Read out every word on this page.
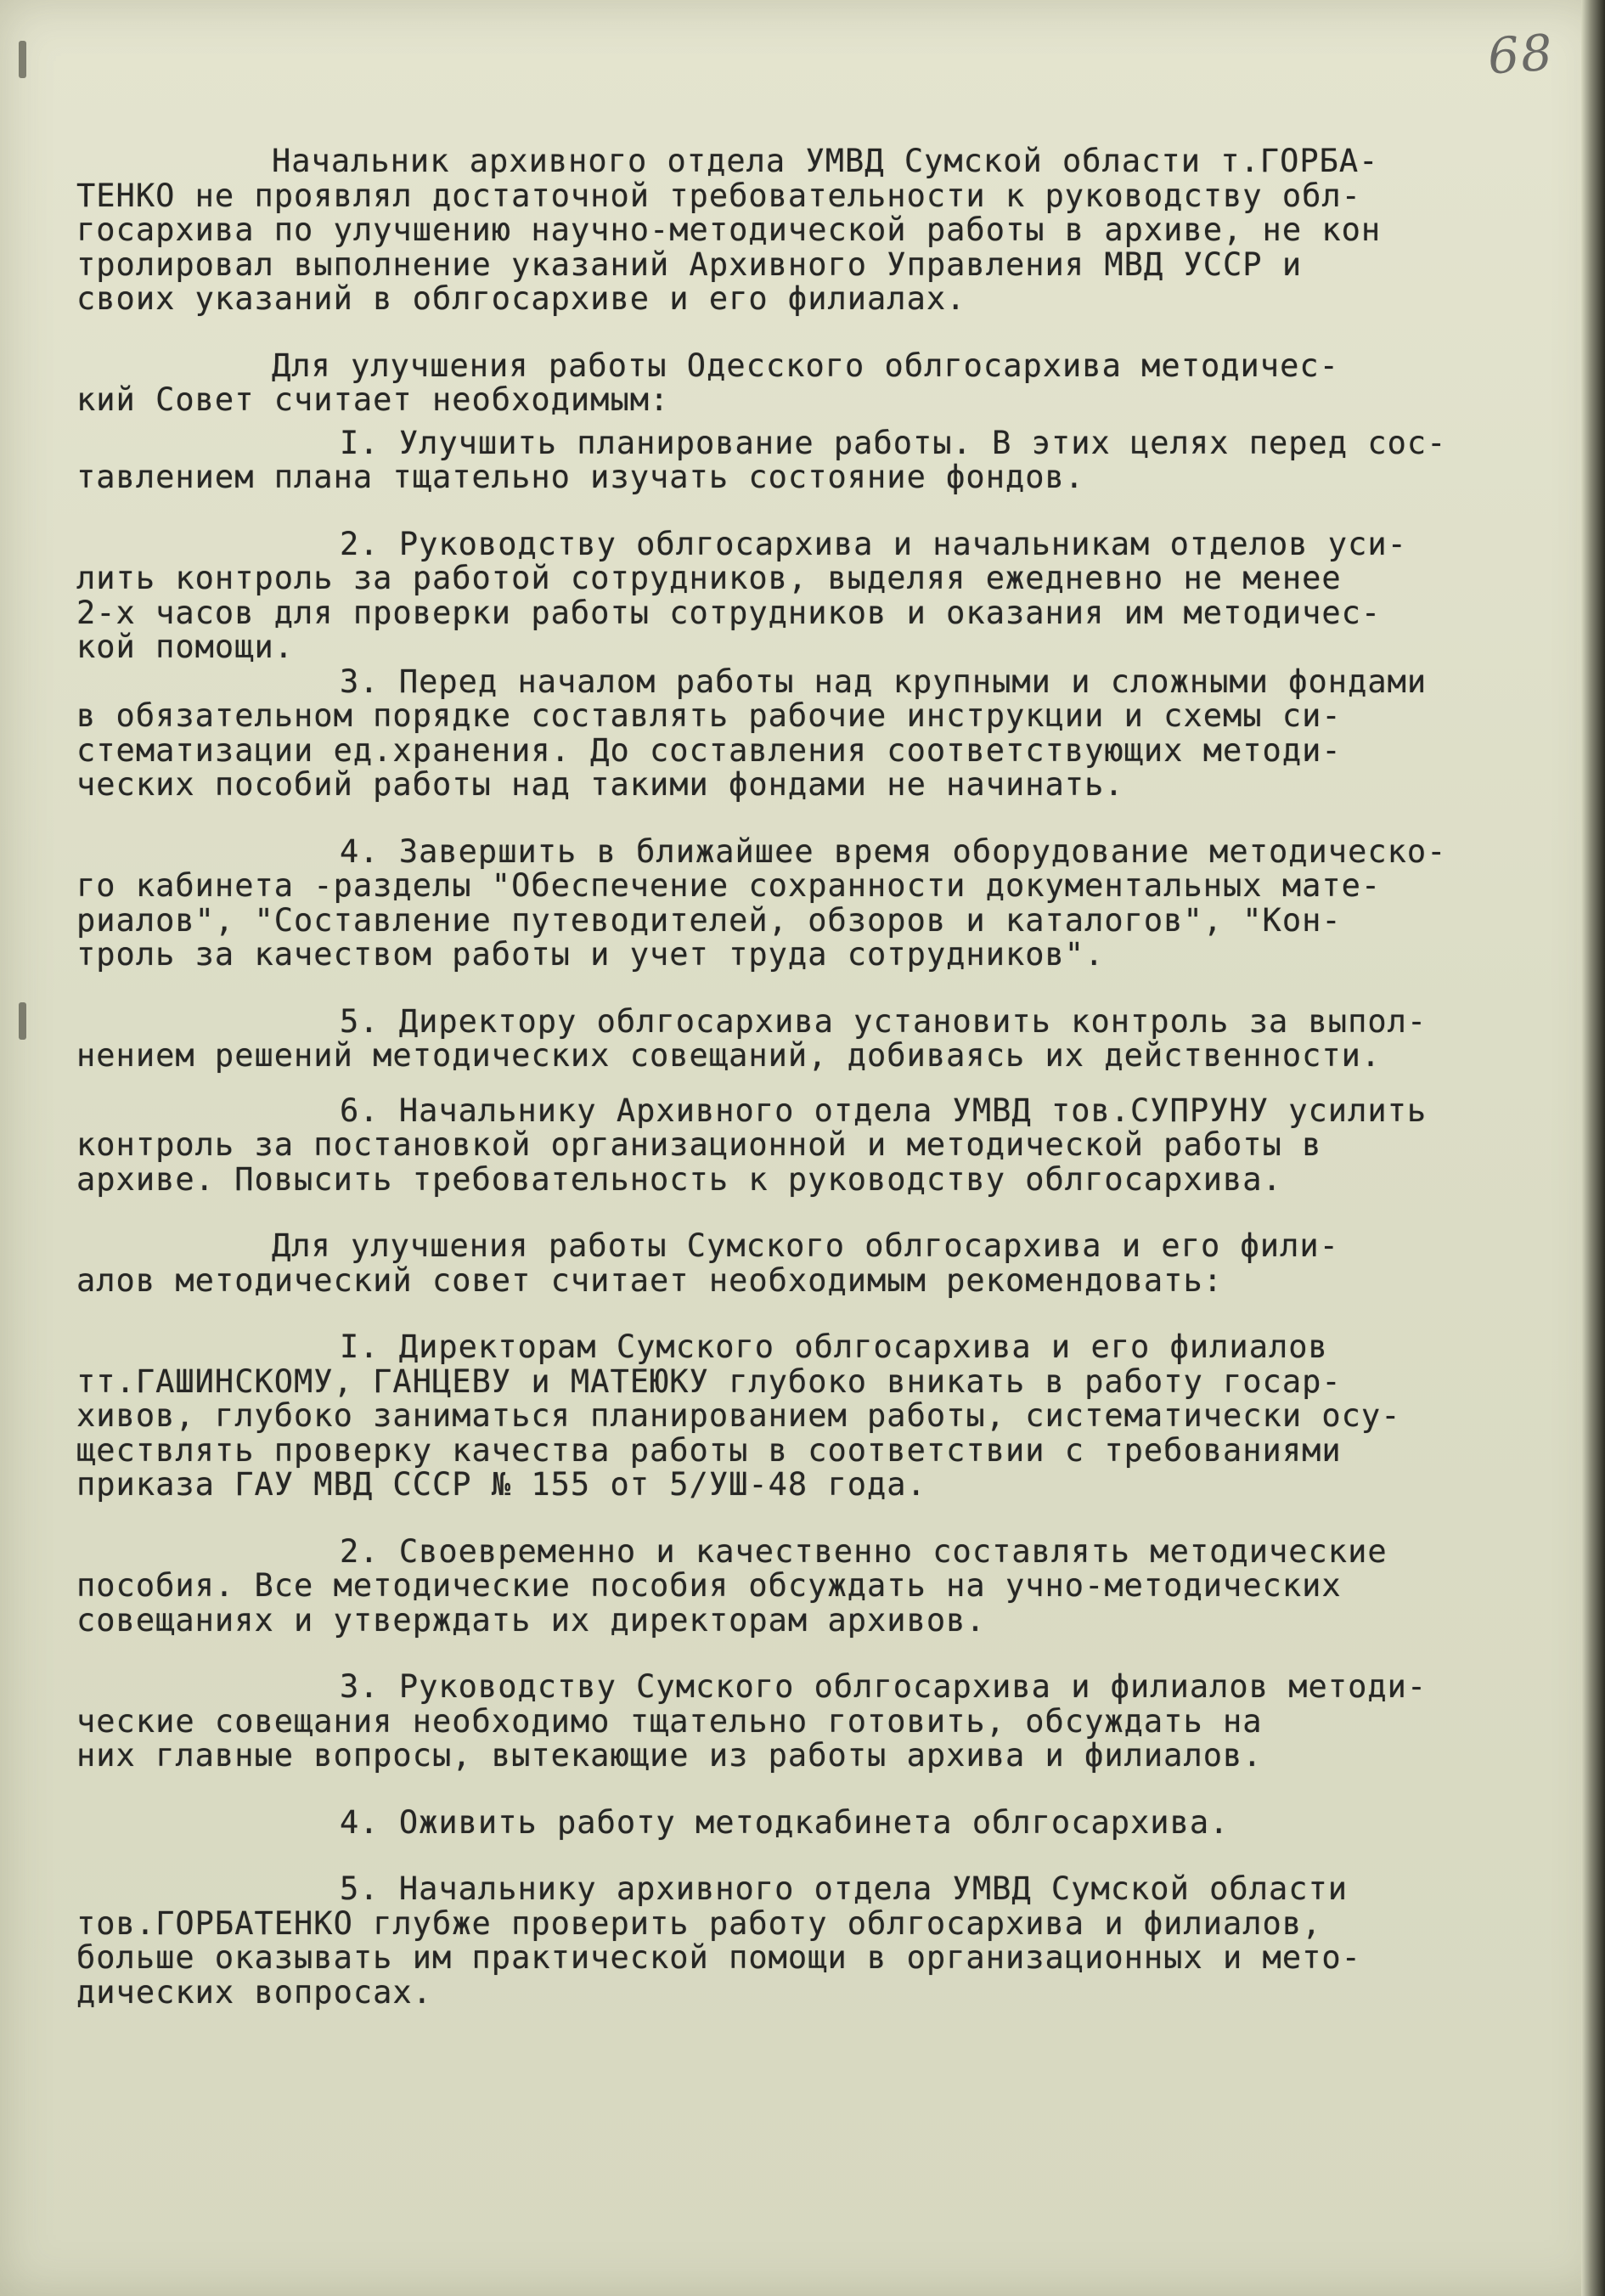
68
Начальник архивного отдела УМВД Сумской области т.ГОРБА-
ТЕНКО не проявлял достаточной требовательности к руководству обл-
госархива по улучшению научно-методической работы в архиве, не кон
тролировал выполнение указаний Архивного Управления МВД УССР и
своих указаний в облгосархиве и его филиалах.
Для улучшения работы Одесского облгосархива методичес-
кий Совет считает необходимым:
I. Улучшить планирование работы. В этих целях перед сос-
тавлением плана тщательно изучать состояние фондов.
2. Руководству облгосархива и начальникам отделов уси-
лить контроль за работой сотрудников, выделяя ежедневно не менее
2-х часов для проверки работы сотрудников и оказания им методичес-
кой помощи.
3. Перед началом работы над крупными и сложными фондами
в обязательном порядке составлять рабочие инструкции и схемы си-
стематизации ед.хранения. До составления соответствующих методи-
ческих пособий работы над такими фондами не начинать.
4. Завершить в ближайшее время оборудование методическо-
го кабинета -разделы "Обеспечение сохранности документальных мате-
риалов", "Составление путеводителей, обзоров и каталогов", "Кон-
троль за качеством работы и учет труда сотрудников".
5. Директору облгосархива установить контроль за выпол-
нением решений методических совещаний, добиваясь их действенности.
6. Начальнику Архивного отдела УМВД тов.СУПРУНУ усилить
контроль за постановкой организационной и методической работы в
архиве. Повысить требовательность к руководству облгосархива.
Для улучшения работы Сумского облгосархива и его фили-
алов методический совет считает необходимым рекомендовать:
I. Директорам Сумского облгосархива и его филиалов
тт.ГАШИНСКОМУ, ГАНЦЕВУ и МАТЕЮКУ глубоко вникать в работу госар-
хивов, глубоко заниматься планированием работы, систематически осу-
ществлять проверку качества работы в соответствии с требованиями
приказа ГАУ МВД СССР № 155 от 5/УШ-48 года.
2. Своевременно и качественно составлять методические
пособия. Все методические пособия обсуждать на учно-методических
совещаниях и утверждать их директорам архивов.
3. Руководству Сумского облгосархива и филиалов методи-
ческие совещания необходимо тщательно готовить, обсуждать на
них главные вопросы, вытекающие из работы архива и филиалов.
4. Оживить работу методкабинета облгосархива.
5. Начальнику архивного отдела УМВД Сумской области
тов.ГОРБАТЕНКО глубже проверить работу облгосархива и филиалов,
больше оказывать им практической помощи в организационных и мето-
дических вопросах.
